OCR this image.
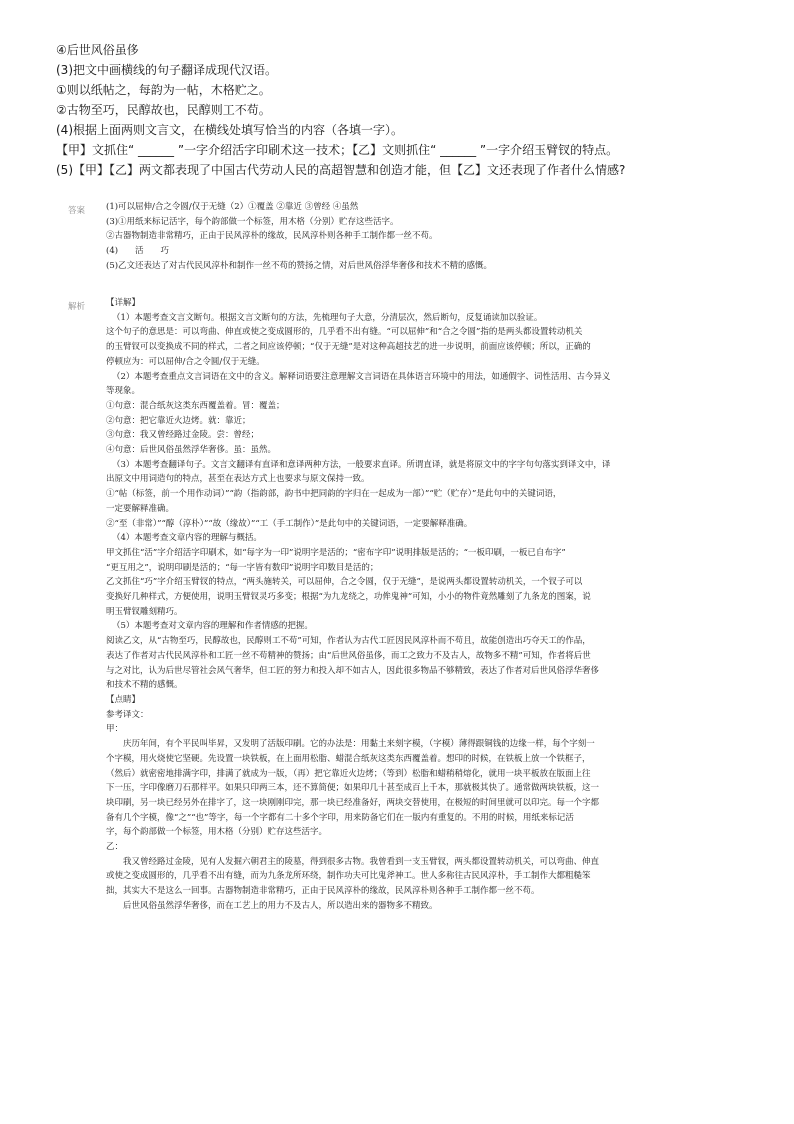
④后世风俗虽侈
(3)把文中画横线的句子翻译成现代汉语。
①则以纸帖之，每韵为一帖，木格贮之。
②古物至巧，民醇故也，民醇则工不苟。
(4)根据上面两则文言文，在横线处填写恰当的内容（各填一字）。
【甲】文抓住“ ______ ”一字介绍活字印刷术这一技术；【乙】文则抓住“ ______ ”一字介绍玉臂钗的特点。
(5)【甲】【乙】两文都表现了中国古代劳动人民的高超智慧和创造才能，但【乙】文还表现了作者什么情感?
答案 (1)可以屈伸/合之令圆/仅于无缝（2）①覆盖 ②靠近 ③曾经 ④虽然
(3)①用纸来标记活字，每个韵部做一个标签，用木格（分别）贮存这些活字。
②古器物制造非常精巧，正由于民风淳朴的缘故，民风淳朴则各种手工制作都一丝不苟。
(4)　　活　　巧
(5)乙文还表达了对古代民风淳朴和制作一丝不苟的赞扬之情，对后世风俗浮华奢侈和技术不精的感慨。
解析 【详解】
（1）本题考查文言文断句。根据文言文断句的方法，先梳理句子大意，分清层次，然后断句，反复诵读加以验证。
这个句子的意思是：可以弯曲、伸直或使之变成圆形的，几乎看不出有缝。“可以屈伸”和“合之令圆”指的是两头都设置转动机关
的玉臂钗可以变换成不同的样式，二者之间应该停顿；“仅于无缝”是对这种高超技艺的进一步说明，前面应该停顿；所以，正确的
停顿应为：可以屈伸/合之令圆/仅于无缝。
（2）本题考查重点文言词语在文中的含义。解释词语要注意理解文言词语在具体语言环境中的用法，如通假字、词性活用、古今异义
等现象。
①句意：混合纸灰这类东西覆盖着。冒：覆盖；
②句意：把它靠近火边烤。就：靠近；
③句意：我又曾经路过金陵。尝：曾经；
④句意：后世风俗虽然浮华奢侈。虽：虽然。
（3）本题考查翻译句子。文言文翻译有直译和意译两种方法，一般要求直译。所谓直译，就是将原文中的字字句句落实到译文中，译
出原文中用词造句的特点，甚至在表达方式上也要求与原文保持一致。
①“帖（标签，前一个用作动词）”“韵（指韵部，韵书中把同韵的字归在一起成为一部）”“贮（贮存）”是此句中的关键词语，
一定要解释准确。
②“至（非常）”“醇（淳朴）”“故（缘故）”“工（手工制作）”是此句中的关键词语，一定要解释准确。
（4）本题考查文章内容的理解与概括。
甲文抓住“活”字介绍活字印刷术，如“每字为一印”说明字是活的；“密布字印”说明排版是活的；“一板印刷，一板已自布字”
“更互用之”，说明印刷是活的；“每一字皆有数印”说明字印数目是活的；
乙文抓住“巧”字介绍玉臂钗的特点，“两头施转关，可以屈伸，合之令圆，仅于无缝”，是说两头都设置转动机关，一个钗子可以
变换好几种样式，方便使用，说明玉臂钗灵巧多变；根据“为九龙绕之，功侔鬼神”可知，小小的物件竟然雕刻了九条龙的图案，说
明玉臂钗雕刻精巧。
（5）本题考查对文章内容的理解和作者情感的把握。
阅读乙文，从“古物至巧，民醇故也，民醇则工不苟”可知，作者认为古代工匠因民风淳朴而不苟且，故能创造出巧夺天工的作品，
表达了作者对古代民风淳朴和工匠一丝不苟精神的赞扬；由“后世风俗虽侈，而工之致力不及古人，故物多不精”可知，作者将后世
与之对比，认为后世尽管社会风气奢华，但工匠的努力和投入却不如古人，因此很多物品不够精致，表达了作者对后世风俗浮华奢侈
和技术不精的感慨。
【点睛】
参考译文：
甲：
庆历年间，有个平民叫毕昇，又发明了活版印刷。它的办法是：用黏土来刻字模，（字模）薄得跟铜钱的边缘一样，每个字刻一
个字模，用火烧使它坚硬。先设置一块铁板，在上面用松脂、蜡混合纸灰这类东西覆盖着。想印的时候，在铁板上放一个铁框子，
（然后）就密密地排满字印，排满了就成为一版，（再）把它靠近火边烤；（等到）松脂和蜡稍稍熔化，就用一块平板放在版面上往
下一压，字印像磨刀石那样平。如果只印两三本，还不算简便；如果印几十甚至成百上千本，那就极其快了。通常做两块铁板，这一
块印刷，另一块已经另外在排字了，这一块刚刚印完，那一块已经准备好，两块交替使用，在极短的时间里就可以印完。每一个字都
备有几个字模，像“之”“也”等字，每一个字都有二十多个字印，用来防备它们在一版内有重复的。不用的时候，用纸来标记活
字，每个韵部做一个标签，用木格（分别）贮存这些活字。
乙：
我又曾经路过金陵，见有人发掘六朝君主的陵墓，得到很多古物。我曾看到一支玉臂钗，两头都设置转动机关，可以弯曲、伸直
或使之变成圆形的，几乎看不出有缝，而为九条龙所环绕，制作功夫可比鬼斧神工。世人多称往古民风淳朴，手工制作大都粗糙笨
拙，其实大不是这么一回事。古器物制造非常精巧，正由于民风淳朴的缘故，民风淳朴则各种手工制作都一丝不苟。
后世风俗虽然浮华奢侈，而在工艺上的用力不及古人，所以造出来的器物多不精致。
